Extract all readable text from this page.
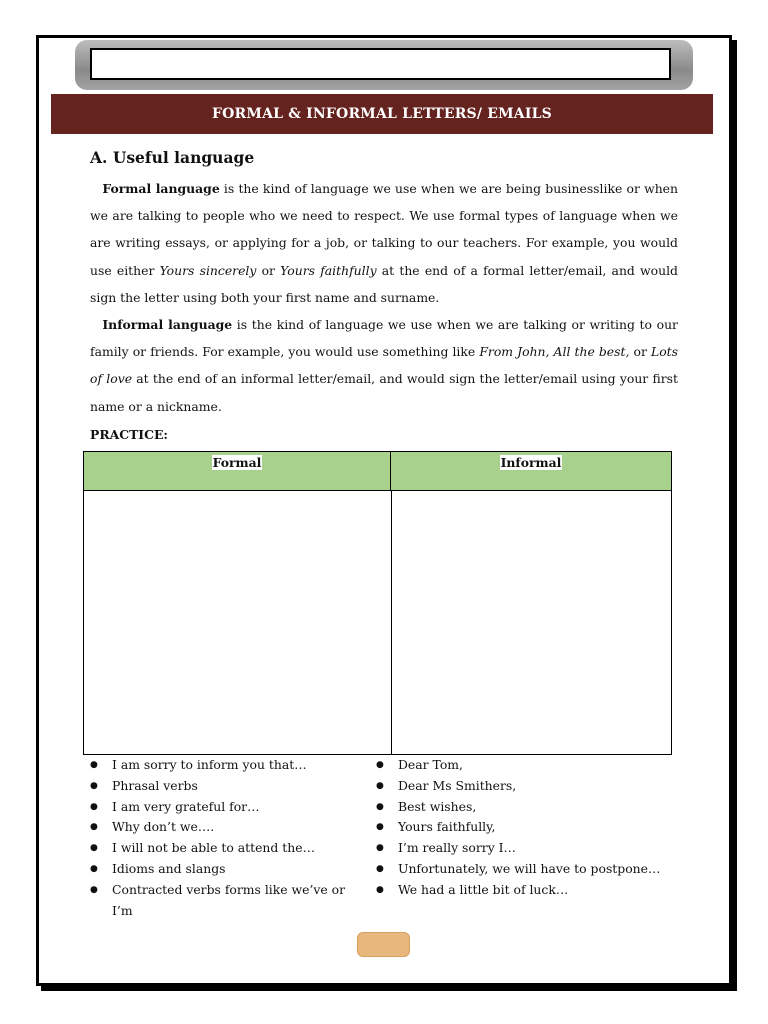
FORMAL & INFORMAL LETTERS/ EMAILS
A. Useful language
 Formal language is the kind of language we use when we are being businesslike or when we are talking to people who we need to respect. We use formal types of language when we are writing essays, or applying for a job, or talking to our teachers. For example, you would use either Yours sincerely or Yours faithfully at the end of a formal letter/email, and would sign the letter using both your first name and surname.
 Informal language is the kind of language we use when we are talking or writing to our family or friends. For example, you would use something like From John, All the best, or Lots of love at the end of an informal letter/email, and would sign the letter/email using your first name or a nickname.
PRACTICE:
Formal	Informal
● I am sorry to inform you that…
● Phrasal verbs
● I am very grateful for…
● Why don’t we….
● I will not be able to attend the…
● Idioms and slangs
● Contracted verbs forms like we’ve or I’m
● Dear Tom,
● Dear Ms Smithers,
● Best wishes,
● Yours faithfully,
● I’m really sorry I…
● Unfortunately, we will have to postpone…
● We had a little bit of luck…
